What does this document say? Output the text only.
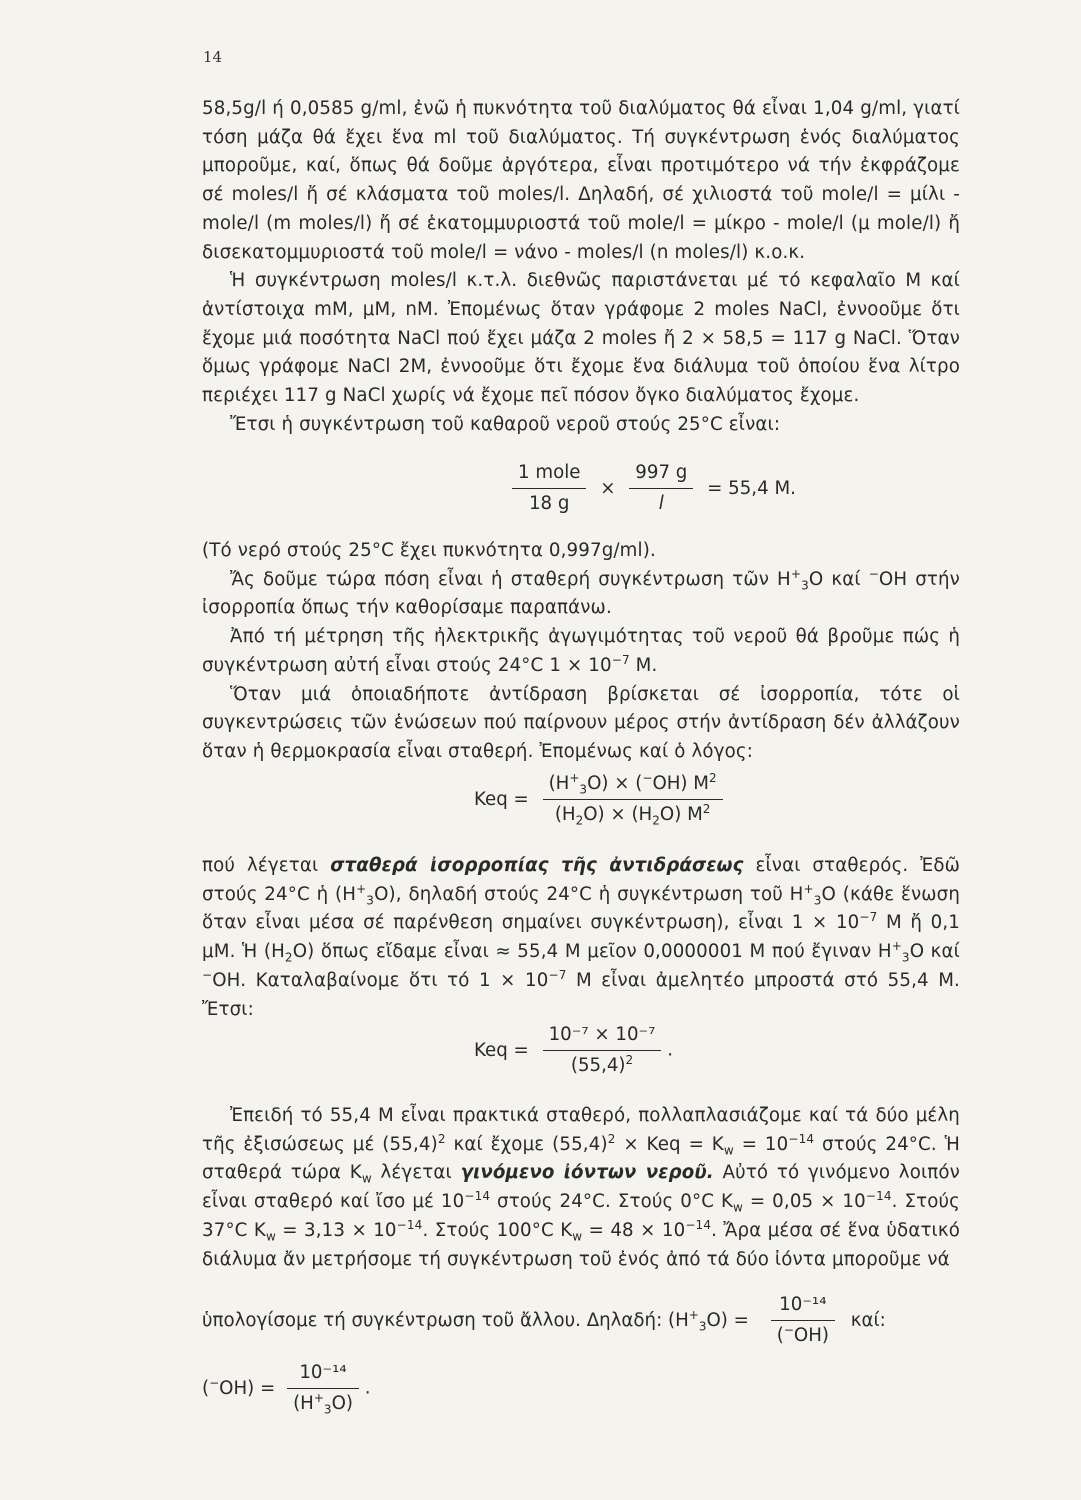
14

58,5g/l ή 0,0585 g/ml, ἐνῶ ἡ πυκνότητα τοῦ διαλύματος θά εἶναι 1,04 g/ml, γιατί τόση μάζα θά ἔχει ἕνα ml τοῦ διαλύματος. Τή συγκέντρωση ἑνός διαλύματος μποροῦμε, καί, ὅπως θά δοῦμε ἀργότερα, εἶναι προτιμότερο νά τήν ἐκφράζομε σέ moles/l ἤ σέ κλάσματα τοῦ moles/l. Δηλαδή, σέ χιλιοστά τοῦ mole/l = μίλι - mole/l (m moles/l) ἤ σέ ἑκατομμυριοστά τοῦ mole/l = μίκρο - mole/l (μ mole/l) ἤ δισεκατομμυριοστά τοῦ mole/l = νάνο - moles/l (n moles/l) κ.ο.κ.

Ἡ συγκέντρωση moles/l κ.τ.λ. διεθνῶς παριστάνεται μέ τό κεφαλαῖο M καί ἀντίστοιχα mM, μM, nM. Ἐπομένως ὅταν γράφομε 2 moles NaCl, ἐννοοῦμε ὅτι ἔχομε μιά ποσότητα NaCl πού ἔχει μάζα 2 moles ἤ 2 × 58,5 = 117 g NaCl. Ὅταν ὅμως γράφομε NaCl 2M, ἐννοοῦμε ὅτι ἔχομε ἕνα διάλυμα τοῦ ὁποίου ἕνα λίτρο περιέχει 117 g NaCl χωρίς νά ἔχομε πεῖ πόσον ὄγκο διαλύματος ἔχομε.

Ἔτσι ἡ συγκέντρωση τοῦ καθαροῦ νεροῦ στούς 25°C εἶναι:

$\frac{\text{1 mole}}{18 g} \times \frac{997 g}{l} = 55,4$ M.

(Τό νερό στούς 25°C ἔχει πυκνότητα 0,997g/ml).

Ἄς δοῦμε τώρα πόση εἶναι ἡ σταθερή συγκέντρωση τῶν $H^+_3O$ καί −OH στήν ἰσορροπία ὅπως τήν καθορίσαμε παραπάνω.

Ἀπό τή μέτρηση τῆς ἠλεκτρικῆς ἀγωγιμότητας τοῦ νεροῦ θά βροῦμε πώς ἡ συγκέντρωση αὐτή εἶναι στούς 24°C $1 \times 10^{-7}$ M.

Ὅταν μιά ὁποιαδήποτε ἀντίδραση βρίσκεται σέ ἰσορροπία, τότε οἱ συγκεντρώσεις τῶν ἑνώσεων πού παίρνουν μέρος στήν ἀντίδραση δέν ἀλλάζουν ὅταν ἡ θερμοκρασία εἶναι σταθερή. Ἐπομένως καί ὁ λόγος:

Keq = $\frac{(H^+_3O) \times (^-OH) M^2}{(H_2O) \times (H_2O) M^2}$

πού λέγεται σταθερά ἰσορροπίας τῆς ἀντιδράσεως εἶναι σταθερός. Ἐδῶ στούς 24°C ἡ $(H^+_3O)$, δηλαδή στούς 24°C ἡ συγκέντρωση τοῦ $H^+_3O$ (κάθε ἕνωση ὅταν εἶναι μέσα σέ παρένθεση σημαίνει συγκέντρωση), εἶναι $1 \times 10^{-7}$ M ἤ 0,1 μM. Ἡ $(H_2O)$ ὅπως εἴδαμε εἶναι ≈ 55,4 M μεῖον 0,0000001 M πού ἔγιναν $H^+_3O$ καί −OH. Καταλαβαίνομε ὅτι τό $1 \times 10^{-7}$ M εἶναι ἀμελητέο μπροστά στό 55,4 M. Ἔτσι:

Keq = $\frac{\text{10⁻⁷ × 10⁻⁷}}{(55,4)^2}$ .

Ἐπειδή τό 55,4 M εἶναι πρακτικά σταθερό, πολλαπλασιάζομε καί τά δύο μέλη τῆς ἐξισώσεως μέ $(55,4)^2$ καί ἔχομε $(55,4)^2$ × Keq = $K_w = 10^{-14}$ στούς 24°C. Ἡ σταθερά τώρα $K_w$ λέγεται γινόμενο ἰόντων νεροῦ. Αὐτό τό γινόμενο λοιπόν εἶναι σταθερό καί ἴσο μέ $10^{-14}$ στούς 24°C. Στούς 0°C $K_w = 0,05 \times 10^{-14}$. Στούς 37°C $K_w = 3,13 \times 10^{-14}$. Στούς 100°C $K_w = 48 \times 10^{-14}$. Ἄρα μέσα σέ ἕνα ὑδατικό διάλυμα ἄν μετρήσομε τή συγκέντρωση τοῦ ἑνός ἀπό τά δύο ἰόντα μποροῦμε νά

ὑπολογίσομε τή συγκέντρωση τοῦ ἄλλου. Δηλαδή: $(H^+_3O) = \frac{\text{10⁻¹⁴}}{(^-OH)} \kappa\alpha ί$:
$(^-OH) = \frac{\text{10⁻¹⁴}}{(H^+_3O)}$ .
